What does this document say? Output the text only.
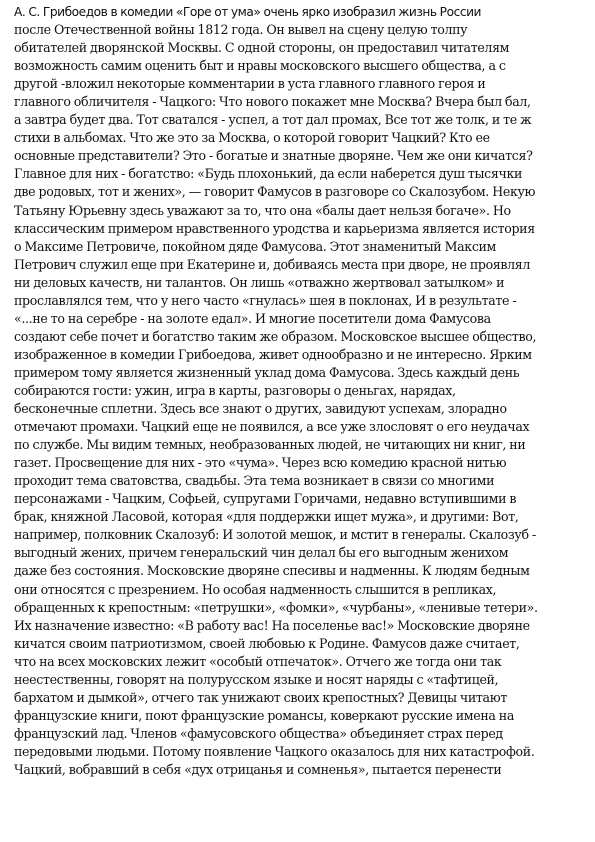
А. С. Грибоедов в комедии «Горе от ума» очень ярко изобразил жизнь России
после Отечественной войны 1812 года. Он вывел на сцену целую толпу
обитателей дворянской Москвы. С одной стороны, он предоставил читателям
возможность самим оценить быт и нравы московского высшего общества, а с
другой -вложил некоторые комментарии в уста главного главного героя и
главного обличителя - Чацкого: Что нового покажет мне Москва? Вчера был бал,
а завтра будет два. Тот сватался - успел, а тот дал промах, Все тот же толк, и те ж
стихи в альбомах. Что же это за Москва, о которой говорит Чацкий? Кто ее
основные представители? Это - богатые и знатные дворяне. Чем же они кичатся?
Главное для них - богатство: «Будь плохонький, да если наберется душ тысячки
две родовых, тот и жених», — говорит Фамусов в разговоре со Скалозубом. Некую
Татьяну Юрьевну здесь уважают за то, что она «балы дает нельзя богаче». Но
классическим примером нравственного уродства и карьеризма является история
о Максиме Петровиче, покойном дяде Фамусова. Этот знаменитый Максим
Петрович служил еще при Екатерине и, добиваясь места при дворе, не проявлял
ни деловых качеств, ни талантов. Он лишь «отважно жертвовал затылком» и
прославлялся тем, что у него часто «гнулась» шея в поклонах, И в результате -
«...не то на серебре - на золоте едал». И многие посетители дома Фамусова
создают себе почет и богатство таким же образом. Московское высшее общество,
изображенное в комедии Грибоедова, живет однообразно и не интересно. Ярким
примером тому является жизненный уклад дома Фамусова. Здесь каждый день
собираются гости: ужин, игра в карты, разговоры о деньгах, нарядах,
бесконечные сплетни. Здесь все знают о других, завидуют успехам, злорадно
отмечают промахи. Чацкий еще не появился, а все уже злословят о его неудачах
по службе. Мы видим темных, необразованных людей, не читающих ни книг, ни
газет. Просвещение для них - это «чума». Через всю комедию красной нитью
проходит тема сватовства, свадьбы. Эта тема возникает в связи со многими
персонажами - Чацким, Софьей, супругами Горичами, недавно вступившими в
брак, княжной Ласовой, которая «для поддержки ищет мужа», и другими: Вот,
например, полковник Скалозуб: И золотой мешок, и мстит в генералы. Скалозуб -
выгодный жених, причем генеральский чин делал бы его выгодным женихом
даже без состояния. Московские дворяне спесивы и надменны. К людям бедным
они относятся с презрением. Но особая надменность слышится в репликах,
обращенных к крепостным: «петрушки», «фомки», «чурбаны», «ленивые тетери».
Их назначение известно: «В работу вас! На поселенье вас!» Московские дворяне
кичатся своим патриотизмом, своей любовью к Родине. Фамусов даже считает,
что на всех московских лежит «особый отпечаток». Отчего же тогда они так
неестественны, говорят на полурусском языке и носят наряды с «тафтицей,
бархатом и дымкой», отчего так унижают своих крепостных? Девицы читают
французские книги, поют французские романсы, коверкают русские имена на
французский лад. Членов «фамусовского общества» объединяет страх перед
передовыми людьми. Потому появление Чацкого оказалось для них катастрофой.
Чацкий, вобравший в себя «дух отрицанья и сомненья», пытается перенести
